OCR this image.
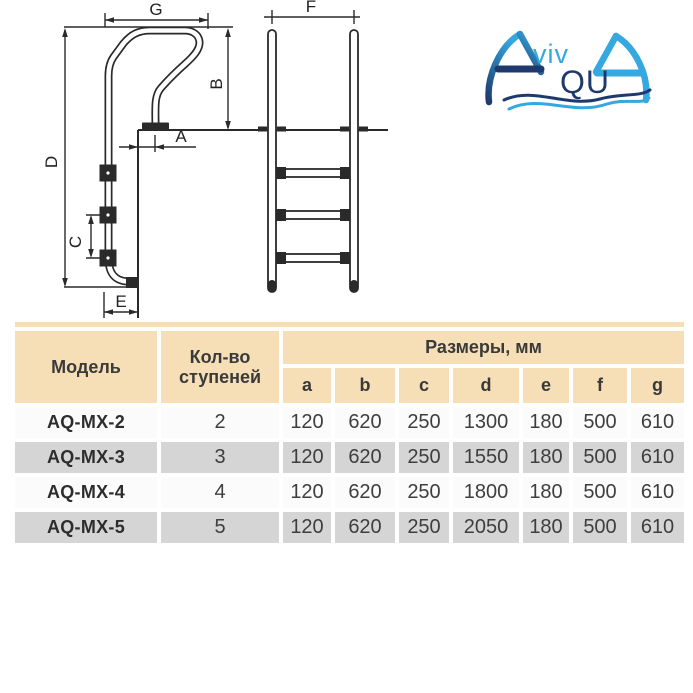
G	F
B
A
D
C
E
viv
QU
Модель	Кол-во
ступеней
Размеры, мм
a	b	c	d	e	f	g
AQ-MX-2	2	120	620	250	1300	180	500	610
AQ-MX-3	3	120	620	250	1550	180	500	610
AQ-MX-4	4	120	620	250	1800	180	500	610
AQ-MX-5	5	120	620	250	2050	180	500	610
